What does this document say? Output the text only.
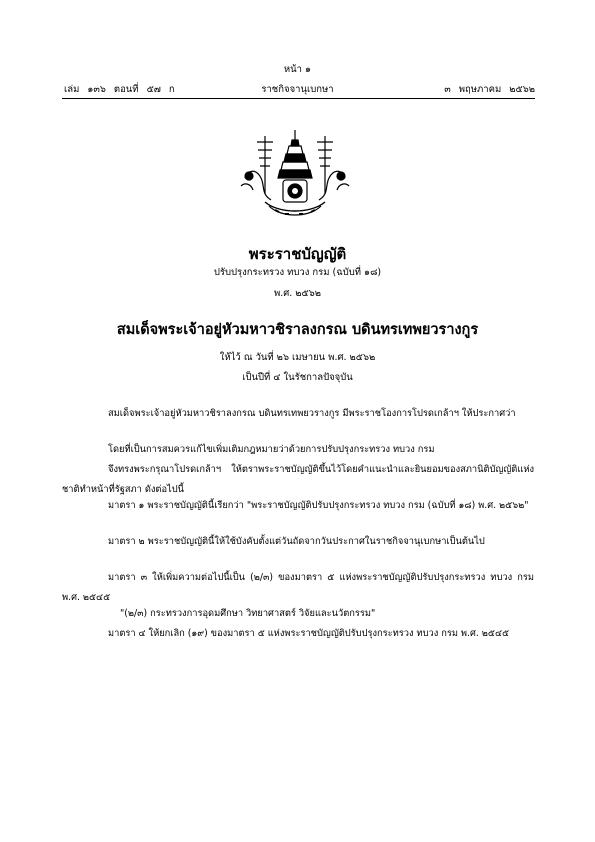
หน้า ๑
เล่ม ๑๓๖ ตอนที่ ๕๗ ก	ราชกิจจานุเบกษา	๓ พฤษภาคม ๒๕๖๒
พระราชบัญญัติ
ปรับปรุงกระทรวง ทบวง กรม (ฉบับที่ ๑๘)
พ.ศ. ๒๕๖๒
สมเด็จพระเจ้าอยู่หัวมหาวชิราลงกรณ บดินทรเทพยวรางกูร
ให้ไว้ ณ วันที่ ๒๖ เมษายน พ.ศ. ๒๕๖๒
เป็นปีที่ ๔ ในรัชกาลปัจจุบัน
สมเด็จพระเจ้าอยู่หัวมหาวชิราลงกรณ บดินทรเทพยวรางกูร มีพระราชโองการโปรดเกล้าฯ ให้ประกาศว่า
โดยที่เป็นการสมควรแก้ไขเพิ่มเติมกฎหมายว่าด้วยการปรับปรุงกระทรวง ทบวง กรม
จึงทรงพระกรุณาโปรดเกล้าฯ ให้ตราพระราชบัญญัติขึ้นไว้โดยคำแนะนำและยินยอมของสภานิติบัญญัติแห่งชาติทำหน้าที่รัฐสภา ดังต่อไปนี้
มาตรา ๑ พระราชบัญญัตินี้เรียกว่า "พระราชบัญญัติปรับปรุงกระทรวง ทบวง กรม (ฉบับที่ ๑๘) พ.ศ. ๒๕๖๒"
มาตรา ๒ พระราชบัญญัตินี้ให้ใช้บังคับตั้งแต่วันถัดจากวันประกาศในราชกิจจานุเบกษาเป็นต้นไป
มาตรา ๓ ให้เพิ่มความต่อไปนี้เป็น (๒/๓) ของมาตรา ๕ แห่งพระราชบัญญัติปรับปรุงกระทรวง ทบวง กรม พ.ศ. ๒๕๔๕
"(๒/๓) กระทรวงการอุดมศึกษา วิทยาศาสตร์ วิจัยและนวัตกรรม"
มาตรา ๔ ให้ยกเลิก (๑๙) ของมาตรา ๕ แห่งพระราชบัญญัติปรับปรุงกระทรวง ทบวง กรม พ.ศ. ๒๕๔๕
